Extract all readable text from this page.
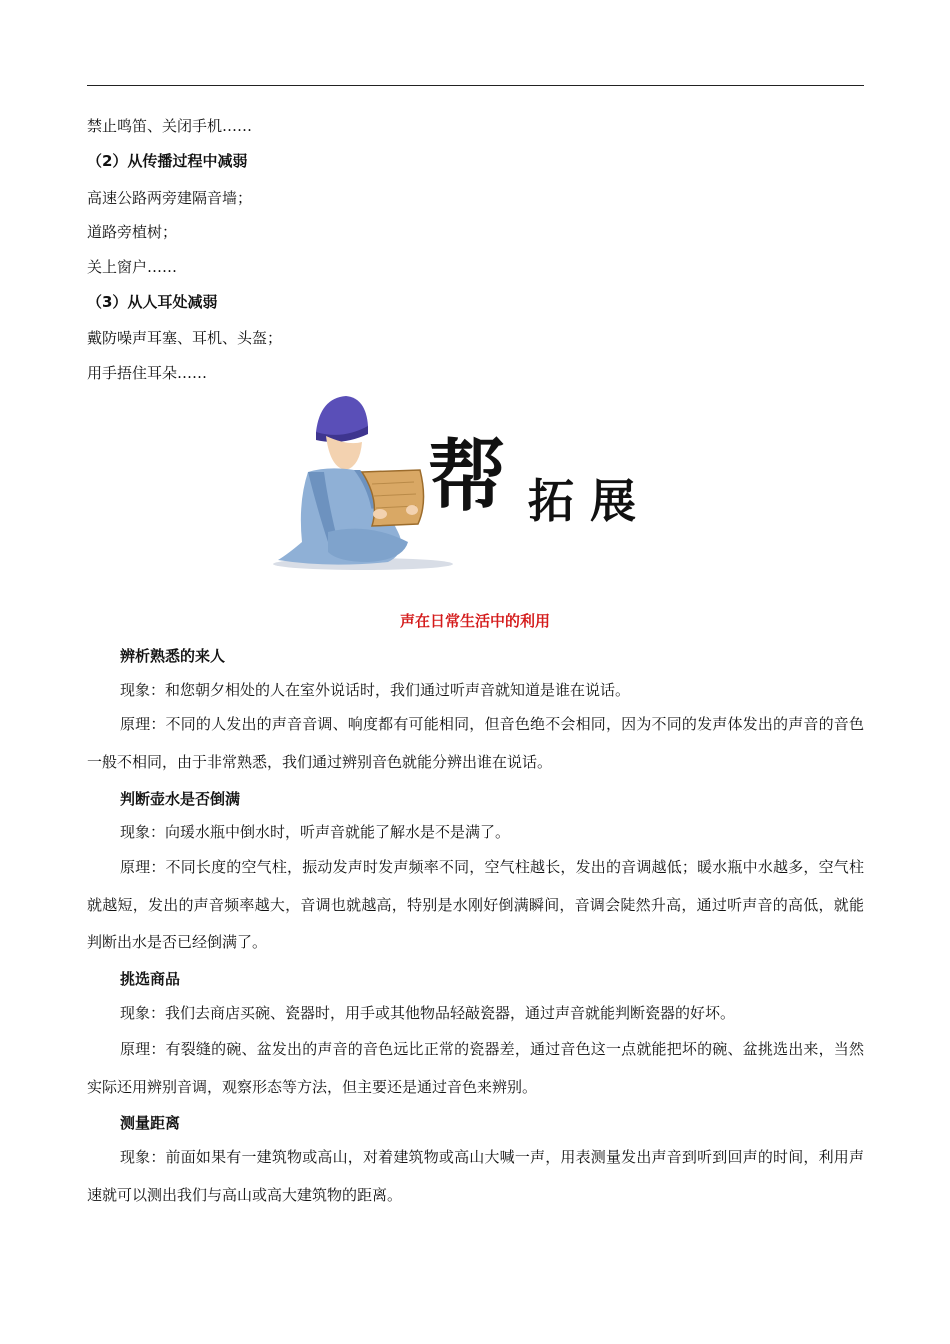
禁止鸣笛、关闭手机……
（2）从传播过程中减弱
高速公路两旁建隔音墙；
道路旁植树；
关上窗户……
（3）从人耳处减弱
戴防噪声耳塞、耳机、头盔；
用手捂住耳朵……
帮 拓 展
声在日常生活中的利用
辨析熟悉的来人
现象：和您朝夕相处的人在室外说话时，我们通过听声音就知道是谁在说话。
原理：不同的人发出的声音音调、响度都有可能相同，但音色绝不会相同，因为不同的发声体发出的声音的音色一般不相同，由于非常熟悉，我们通过辨别音色就能分辨出谁在说话。
判断壶水是否倒满
现象：向瑗水瓶中倒水时，听声音就能了解水是不是满了。
原理：不同长度的空气柱，振动发声时发声频率不同，空气柱越长，发出的音调越低；暖水瓶中水越多，空气柱就越短，发出的声音频率越大，音调也就越高，特别是水刚好倒满瞬间，音调会陡然升高，通过听声音的高低，就能判断出水是否已经倒满了。
挑选商品
现象：我们去商店买碗、瓷器时，用手或其他物品轻敲瓷器，通过声音就能判断瓷器的好坏。
原理：有裂缝的碗、盆发出的声音的音色远比正常的瓷器差，通过音色这一点就能把坏的碗、盆挑选出来，当然实际还用辨别音调，观察形态等方法，但主要还是通过音色来辨别。
测量距离
现象：前面如果有一建筑物或高山，对着建筑物或高山大喊一声，用表测量发出声音到听到回声的时间，利用声速就可以测出我们与高山或高大建筑物的距离。
